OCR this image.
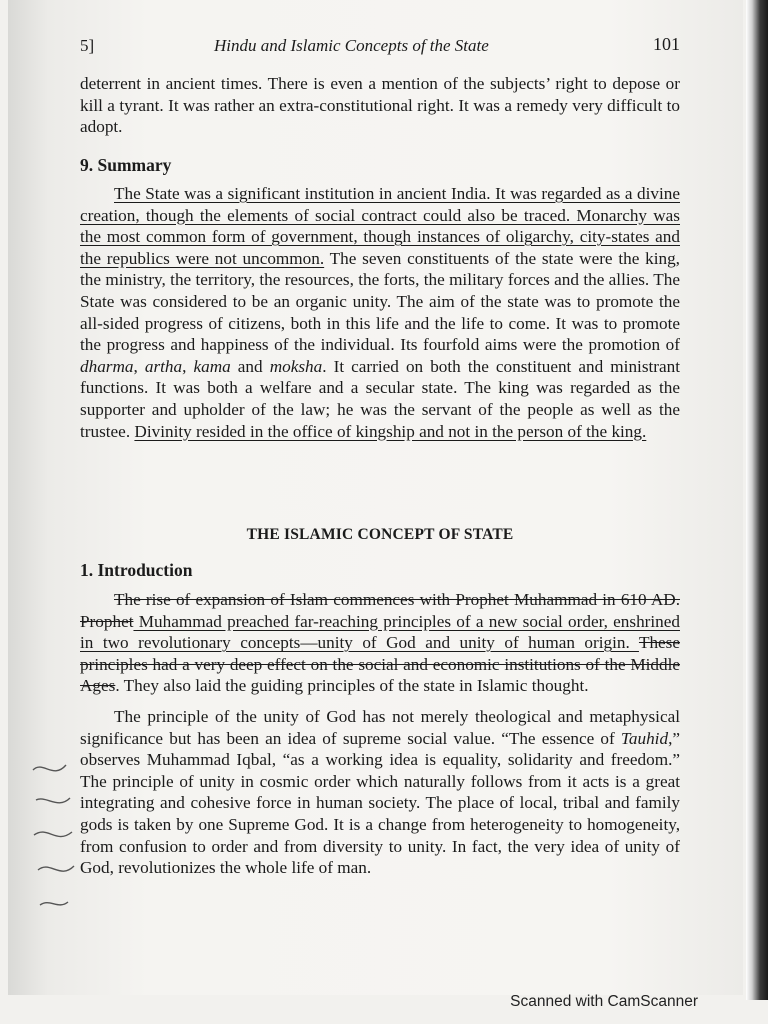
5]	Hindu and Islamic Concepts of the State	101

deterrent in ancient times. There is even a mention of the subjects’ right to depose or kill a tyrant. It was rather an extra-constitutional right. It was a remedy very difficult to adopt.

9. Summary

The State was a significant institution in ancient India. It was regarded as a divine creation, though the elements of social contract could also be traced. Monarchy was the most common form of government, though instances of oligarchy, city-states and the republics were not uncommon. The seven constituents of the state were the king, the ministry, the territory, the resources, the forts, the military forces and the allies. The State was considered to be an organic unity. The aim of the state was to promote the all-sided progress of citizens, both in this life and the life to come. It was to promote the progress and happiness of the individual. Its fourfold aims were the promotion of dharma, artha, kama and moksha. It carried on both the constituent and ministrant functions. It was both a welfare and a secular state. The king was regarded as the supporter and upholder of the law; he was the servant of the people as well as the trustee. Divinity resided in the office of kingship and not in the person of the king.

THE ISLAMIC CONCEPT OF STATE
1. Introduction

The rise of expansion of Islam commences with Prophet Muhammad in 610 AD. Prophet Muhammad preached far-reaching principles of a new social order, enshrined in two revolutionary concepts—unity of God and unity of human origin. These principles had a very deep effect on the social and economic institutions of the Middle Ages. They also laid the guiding principles of the state in Islamic thought.

The principle of the unity of God has not merely theological and metaphysical significance but has been an idea of supreme social value. “The essence of Tauhid,” observes Muhammad Iqbal, “as a working idea is equality, solidarity and freedom.” The principle of unity in cosmic order which naturally follows from it acts is a great integrating and cohesive force in human society. The place of local, tribal and family gods is taken by one Supreme God. It is a change from heterogeneity to homogeneity, from confusion to order and from diversity to unity. In fact, the very idea of unity of God, revolutionizes the whole life of man.

Scanned with CamScanner
